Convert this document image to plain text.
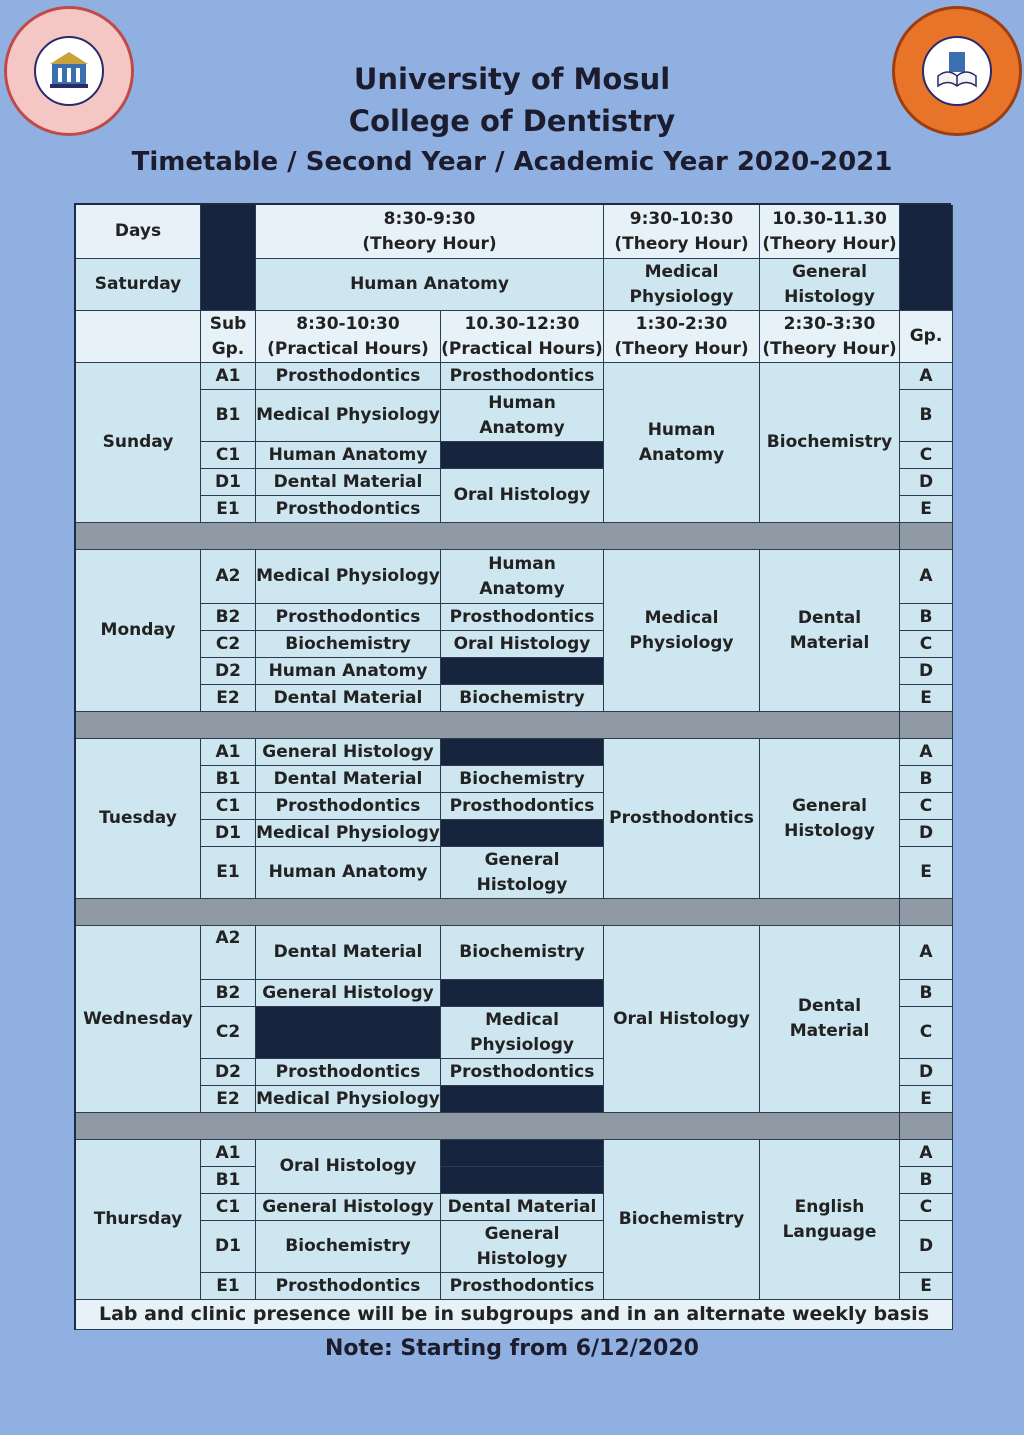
University of Mosul
College of Dentistry
Timetable / Second Year / Academic Year 2020-2021
Days
8:30-9:30
(Theory Hour)
9:30-10:30
(Theory Hour)
10.30-11.30
(Theory Hour)
Saturday	Human Anatomy
Medical
Physiology
General
Histology
Sub
Gp.
8:30-10:30
(Practical Hours)
10.30-12:30
(Practical Hours)
1:30-2:30
(Theory Hour)
2:30-3:30
(Theory Hour)
Gp.
Sunday
A1
B1
C1
D1
E1
Prosthodontics
Medical Physiology
Human Anatomy
Dental Material
Prosthodontics
Prosthodontics
Human
Anatomy
Oral Histology
Human
Anatomy
Biochemistry
A
B
C
D
E
Monday
A2
B2
C2
D2
E2
Medical Physiology
Prosthodontics
Biochemistry
Human Anatomy
Dental Material
Human
Anatomy
Prosthodontics
Oral Histology
Biochemistry
Medical
Physiology
Dental
Material
A
B
C
D
E
Tuesday
A1
B1
C1
D1
E1
General Histology
Dental Material
Prosthodontics
Medical Physiology
Human Anatomy
Biochemistry
Prosthodontics
General
Histology
Prosthodontics
General
Histology
A
B
C
D
E
Wednesday
A2
B2
C2
D2
E2
Dental Material
General Histology
Prosthodontics
Medical Physiology
Biochemistry
Medical
Physiology
Prosthodontics
Oral Histology
Dental
Material
A
B
C
D
E
Thursday
A1
B1
C1
D1
E1
Oral Histology
General Histology
Biochemistry
Prosthodontics
Dental Material
General
Histology
Prosthodontics
Biochemistry
English
Language
A
B
C
D
E
Lab and clinic presence will be in subgroups and in an alternate weekly basis
Note: Starting from 6/12/2020
